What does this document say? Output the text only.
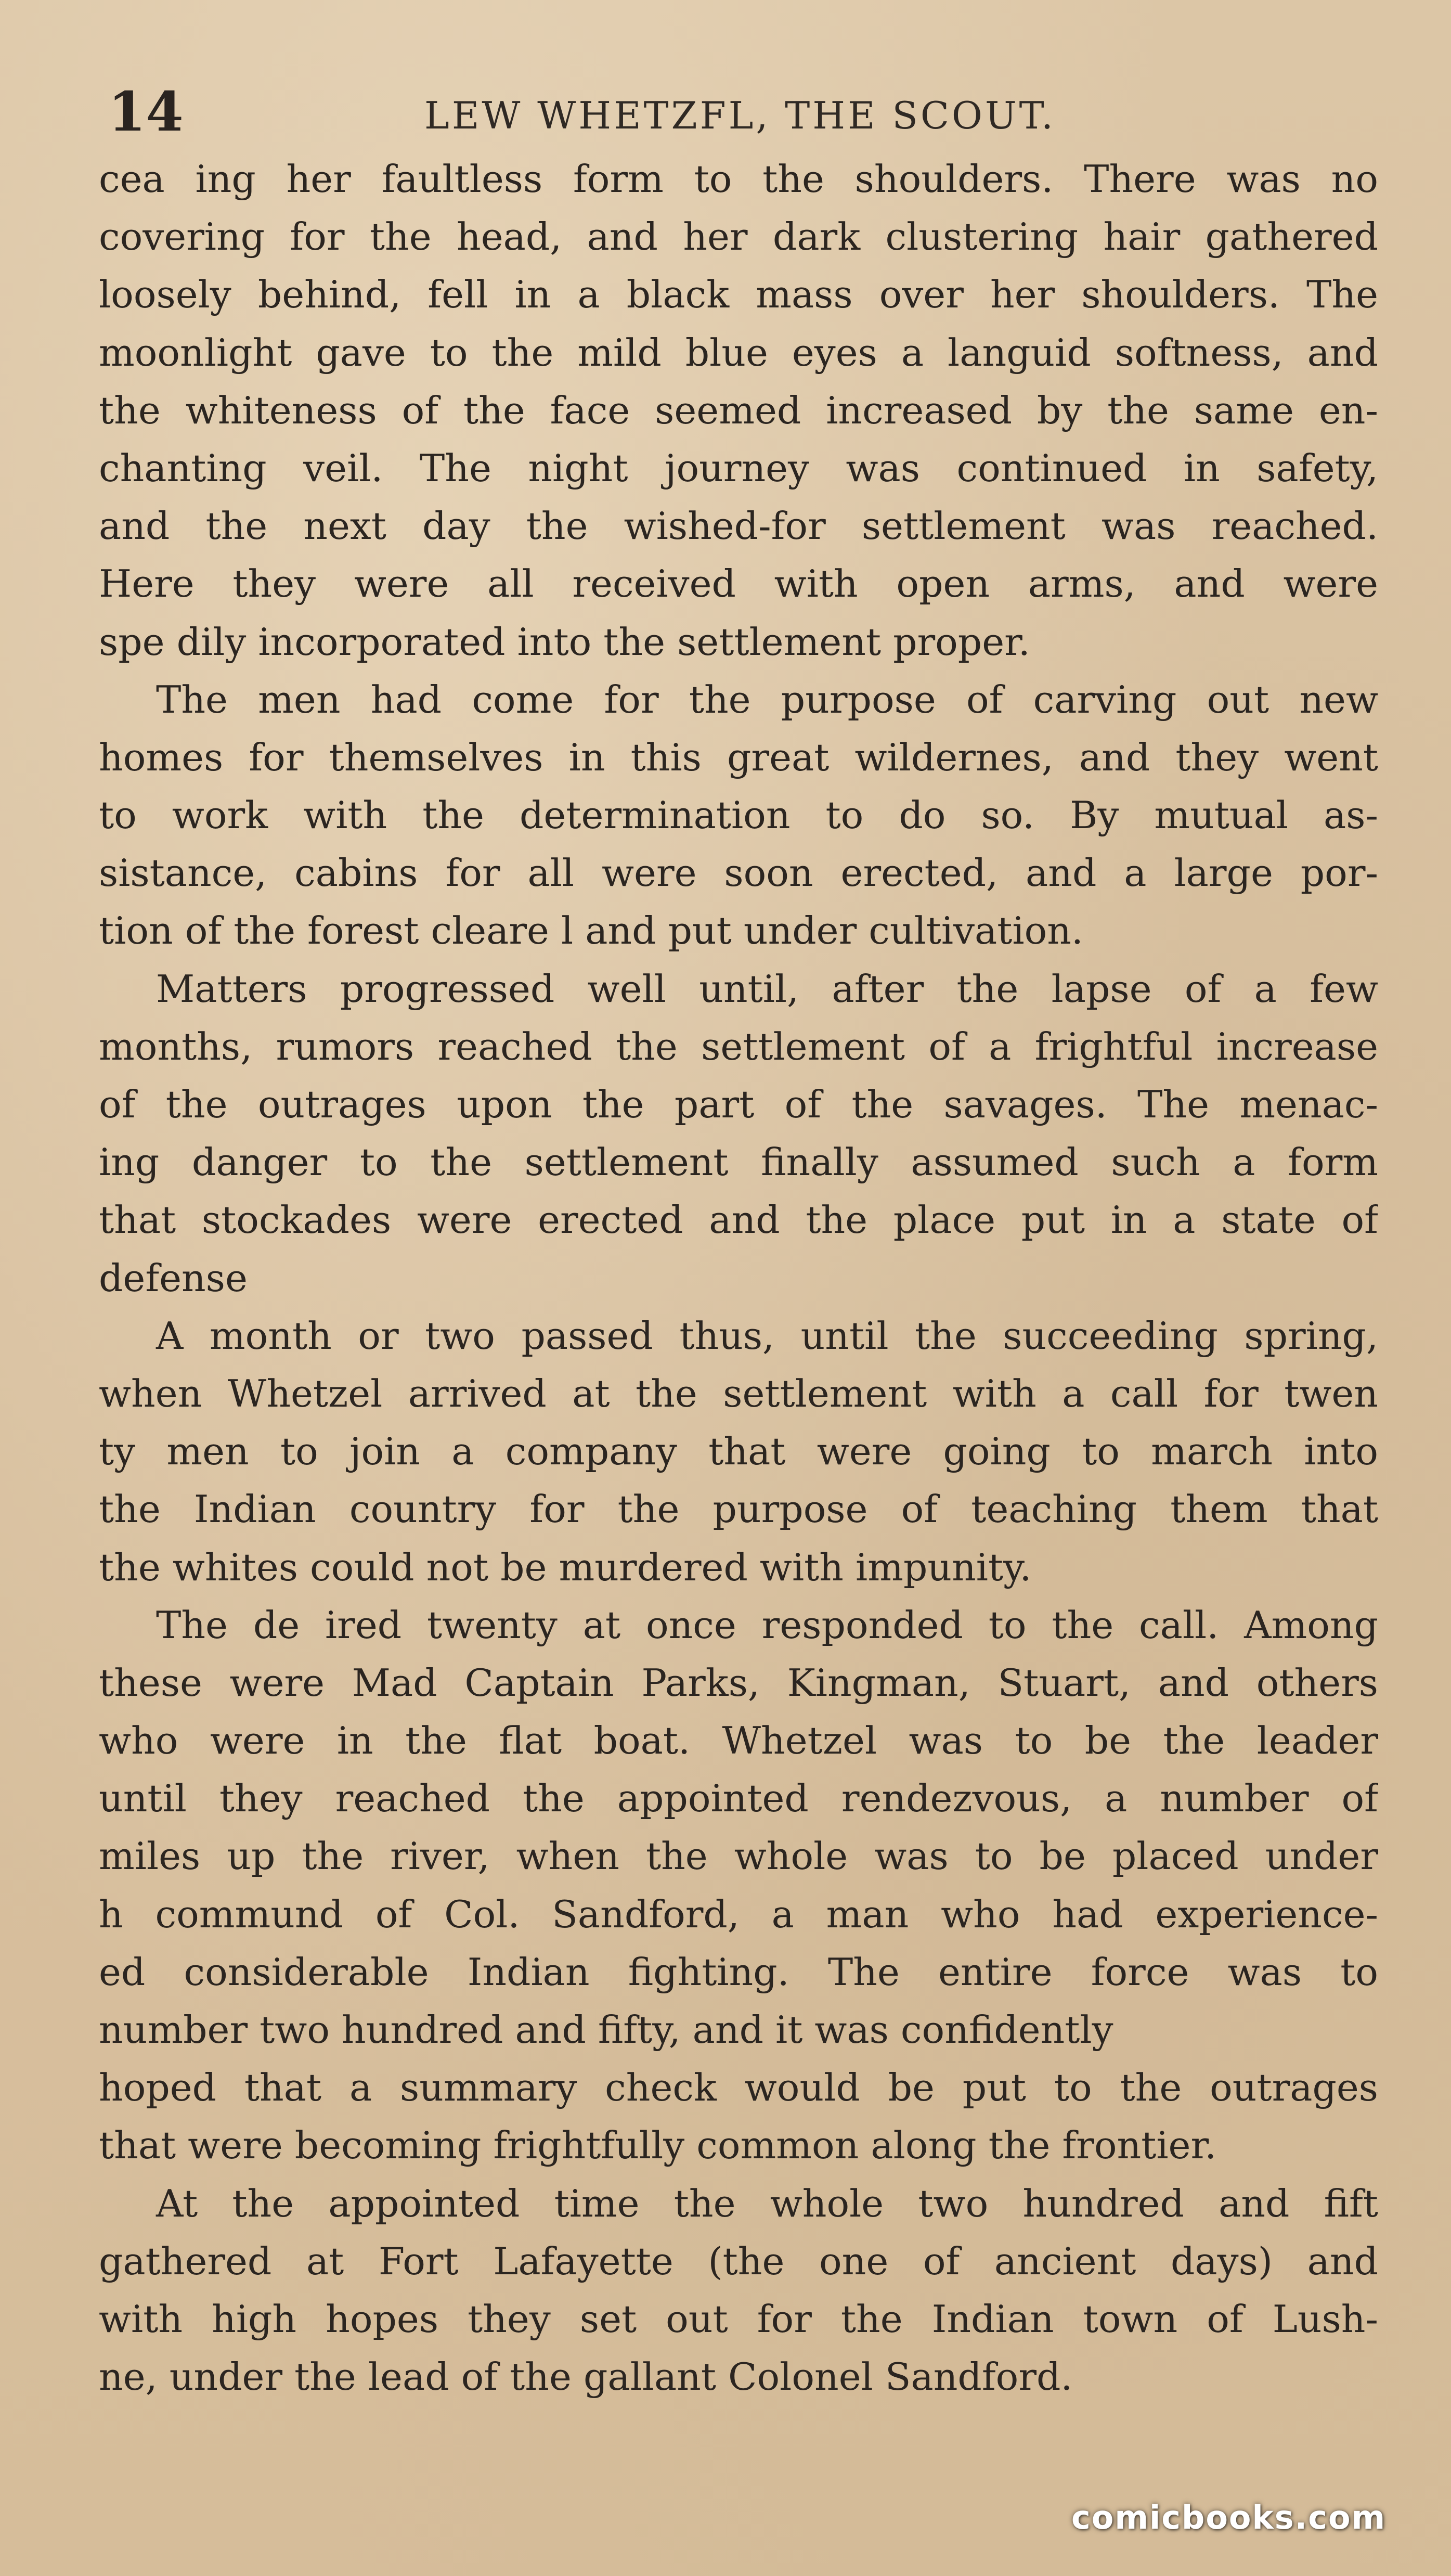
14	LEW WHETZFL, THE SCOUT.
cea ing her faultless form to the shoulders. There was no
covering for the head, and her dark clustering hair gathered
loosely behind, fell in a black mass over her shoulders. The
moonlight gave to the mild blue eyes a languid softness, and
the whiteness of the face seemed increased by the same en-
chanting veil. The night journey was continued in safety,
and the next day the wished-for settlement was reached.
Here they were all received with open arms, and were
spe dily incorporated into the settlement proper.
The men had come for the purpose of carving out new
homes for themselves in this great wildernes, and they went
to work with the determination to do so. By mutual as-
sistance, cabins for all were soon erected, and a large por-
tion of the forest cleare l and put under cultivation.
Matters progressed well until, after the lapse of a few
months, rumors reached the settlement of a frightful increase
of the outrages upon the part of the savages. The menac-
ing danger to the settlement finally assumed such a form
that stockades were erected and the place put in a state of
defense
A month or two passed thus, until the succeeding spring,
when Whetzel arrived at the settlement with a call for twen
ty men to join a company that were going to march into
the Indian country for the purpose of teaching them that
the whites could not be murdered with impunity.
The de ired twenty at once responded to the call. Among
these were Mad Captain Parks, Kingman, Stuart, and others
who were in the flat boat. Whetzel was to be the leader
until they reached the appointed rendezvous, a number of
miles up the river, when the whole was to be placed under
h commund of Col. Sandford, a man who had experience-
ed considerable Indian fighting. The entire force was to
number two hundred and fifty, and it was confidently
hoped that a summary check would be put to the outrages
that were becoming frightfully common along the frontier.
At the appointed time the whole two hundred and fift
gathered at Fort Lafayette (the one of ancient days) and
with high hopes they set out for the Indian town of Lush-
ne, under the lead of the gallant Colonel Sandford.
comicbooks.com
